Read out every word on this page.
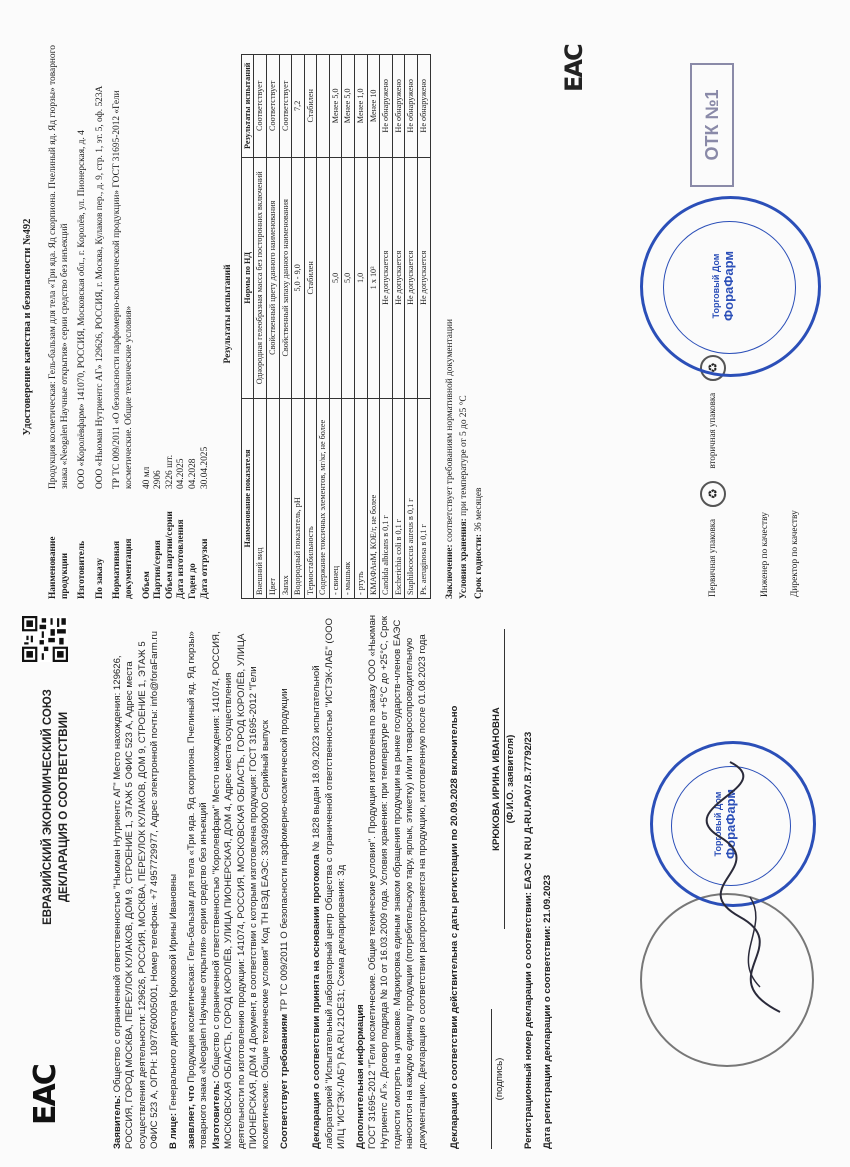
ЕАС
ЕВРАЗИЙСКИЙ ЭКОНОМИЧЕСКИЙ СОЮЗ ДЕКЛАРАЦИЯ О СООТВЕТСТВИИ

Заявитель: Общество с ограниченной ответственностью "Ньюман Нутриентс АГ" Место нахождения: 129626, РОССИЯ, ГОРОД МОСКВА, ПЕРЕУЛОК КУЛАКОВ, ДОМ 9, СТРОЕНИЕ 1, ЭТАЖ 5 ОФИС 523 А, Адрес места осуществления деятельности: 129626, РОССИЯ, МОСКВА, ПЕРЕУЛОК КУЛАКОВ, ДОМ 9, СТРОЕНИЕ 1, ЭТАЖ 5 ОФИС 523 А, ОГРН: 1097760005001, Номер телефона: +7 4957729977, Адрес электронной почты: info@foraFarm.ru В лице: Генерального директора Крюковой Ирины Ивановны

заявляет, что Продукция косметическая: Гель-бальзам для тела «Три яда. Яд скорпиона. Пчелиный яд. Яд гюрзы» товарного знака «Neogalen Научные открытия» серии средство без инъекций
Изготовитель: Общество с ограниченной ответственностью "Королевфарм" Место нахождения: 141074, РОССИЯ, МОСКОВСКАЯ ОБЛАСТЬ, ГОРОД КОРОЛЁВ, УЛИЦА ПИОНЕРСКАЯ, ДОМ 4, Адрес места осуществления деятельности по изготовлению продукции: 141074, РОССИЯ, МОСКОВСКАЯ ОБЛАСТЬ, ГОРОД КОРОЛЁВ, УЛИЦА ПИОНЕРСКАЯ, ДОМ 4 Документ, в соответствии с которым изготовлена продукция: ГОСТ 31695-2012 "Гели косметические. Общие технические условия" Код ТН ВЭД ЕАЭС: 3304990000 Серийный выпуск Соответствует требованиям ТР ТС 009/2011 О безопасности парфюмерно-косметической продукции Декларация о соответствии принята на основании протокола № 1828 выдан 18.09.2023 испытательной лабораторией "Испытательный лабораторный центр Общества с ограниченной ответственностью "ИСТЭК-ЛАБ" (ООО ИЛЦ "ИСТЭК-ЛАБ") RA.RU.21ОЕ31; Схема декларирования: 3д Дополнительная информация
ГОСТ 31695-2012 "Гели косметические. Общие технические условия". Продукция изготовлена по заказу ООО «Ньюман Нутриентс АГ». Договор подряда № 10 от 16.03.2009 года. Условия хранения: при температуре от +5°С до +25°С, Срок годности смотреть на упаковке. Маркировка единым знаком обращения продукции на рынке государств-членов ЕАЭС наносится на каждую единицу продукции (потребительскую тару, ярлык, этикетку) и/или товаросопроводительную документацию. Декларация о соответствии распространяется на продукцию, изготовленную после 01.08.2023 года Декларация о соответствии действительна с даты регистрации по 20.09.2028 включительно

(подпись)
КРЮКОВА ИРИНА ИВАНОВНА (Ф.И.О. заявителя)

Регистрационный номер декларации о соответствии: ЕАЭС N RU Д-RU.РА07.В.77792/23

Дата регистрации декларации о соответствии: 21.09.2023

Торговый Дом ФораФарм
Удостоверение качества и безопасности №492
Наименование продукции
Продукция косметическая: Гель-бальзам для тела «Три яда. Яд скорпиона. Пчелиный яд. Яд гюрзы» товарного знака «Neogalen Научные открытия» серии средство без инъекций
Изготовитель
ООО «Королёвфарм» 141070, РОССИЯ, Московская обл., г. Королёв, ул. Пионерская, д. 4
По заказу
ООО «Ньюман Нутриентс АГ» 129626, РОССИЯ, г. Москва, Кулаков пер., д. 9, стр. 1, эт. 5, оф. 523А
Нормативная документация
ТР ТС 009/2011 «О безопасности парфюмерно-косметической продукции» ГОСТ 31695-2012 «Гели косметические. Общие технические условия»
Объем
40 мл
Партия/серия
2906
Объем партии/серии
3226 шт.
Дата изготовления
04.2025
Годен до
04.2028
Дата отгрузки
30.04.2025
Результаты испытаний
Наименование показателя	Нормы по НД	Результаты испытаний
Внешний вид	Однородная гелеобразная масса без посторонних включений	Соответствует
Цвет	Свойственный цвету данного наименования	Соответствует
Запах	Свойственный запаху данного наименования	Соответствует
Водородный показатель, pH	5,0 - 9,0	7,2
Термостабильность	Стабилен	Стабилен
Содержание токсичных элементов, мг/кг, не более		
- свинец	5,0	Менее 5,0
- мышьяк	5,0	Менее 5,0
- ртуть	1,0	Менее 1,0
КМАФАнМ, КОЕ/г, не более	1 х 10³	Менее 10
Candida albicans в 0,1 г	Не допускается	Не обнаружено
Escherichia coli в 0,1 г	Не допускается	Не обнаружено
Staphilococcus aureus в 0,1 г	Не допускается	Не обнаружено
Ps. aeruginosa в 0,1 г	Не допускается	Не обнаружено

Заключение: соответствует требованиям нормативной документации

Условия хранения: при температуре от 5 до 25 °С

Срок годности: 36 месяцев

ЕАС
Первичная упаковка ♻ вторичная упаковка ♻
Инженер по качеству	Директор по качеству
Торговый Дом ФораФарм
ОТК №1
